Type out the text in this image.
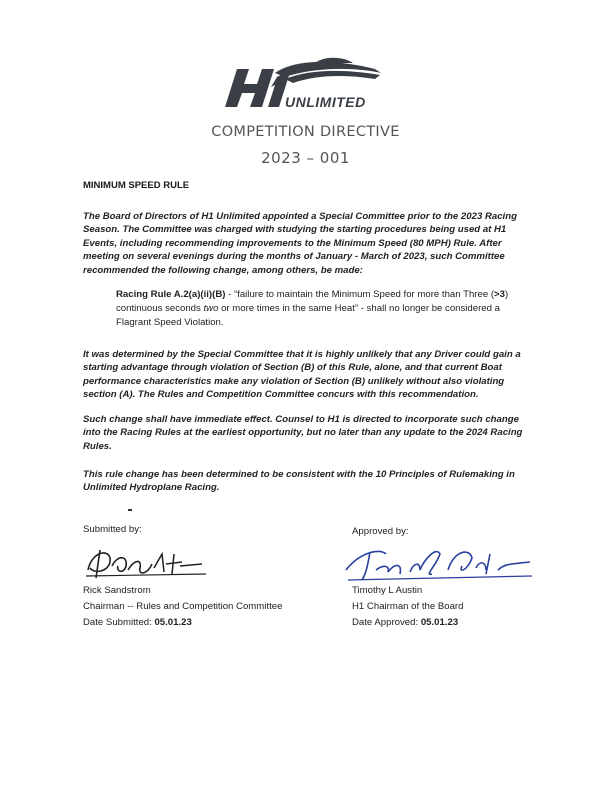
UNLIMITED
COMPETITION DIRECTIVE
2023 – 001
MINIMUM SPEED RULE

The Board of Directors of H1 Unlimited appointed a Special Committee prior to the 2023 Racing Season. The Committee was charged with studying the starting procedures being used at H1 Events, including recommending improvements to the Minimum Speed (80 MPH) Rule. After meeting on several evenings during the months of January - March of 2023, such Committee recommended the following change, among others, be made:

Racing Rule A.2(a)(ii)(B) - “failure to maintain the Minimum Speed for more than Three (>3) continuous seconds two or more times in the same Heat” - shall no longer be considered a Flagrant Speed Violation.

It was determined by the Special Committee that it is highly unlikely that any Driver could gain a starting advantage through violation of Section (B) of this Rule, alone, and that current Boat performance characteristics make any violation of Section (B) unlikely without also violating section (A). The Rules and Competition Committee concurs with this recommendation.

Such change shall have immediate effect. Counsel to H1 is directed to incorporate such change into the Racing Rules at the earliest opportunity, but no later than any update to the 2024 Racing Rules.

This rule change has been determined to be consistent with the 10 Principles of Rulemaking in Unlimited Hydroplane Racing.

Submitted by:
Rick Sandstrom
Chairman -- Rules and Competition Committee
Date Submitted: 05.01.23
Approved by:
Timothy L Austin
H1 Chairman of the Board
Date Approved: 05.01.23
